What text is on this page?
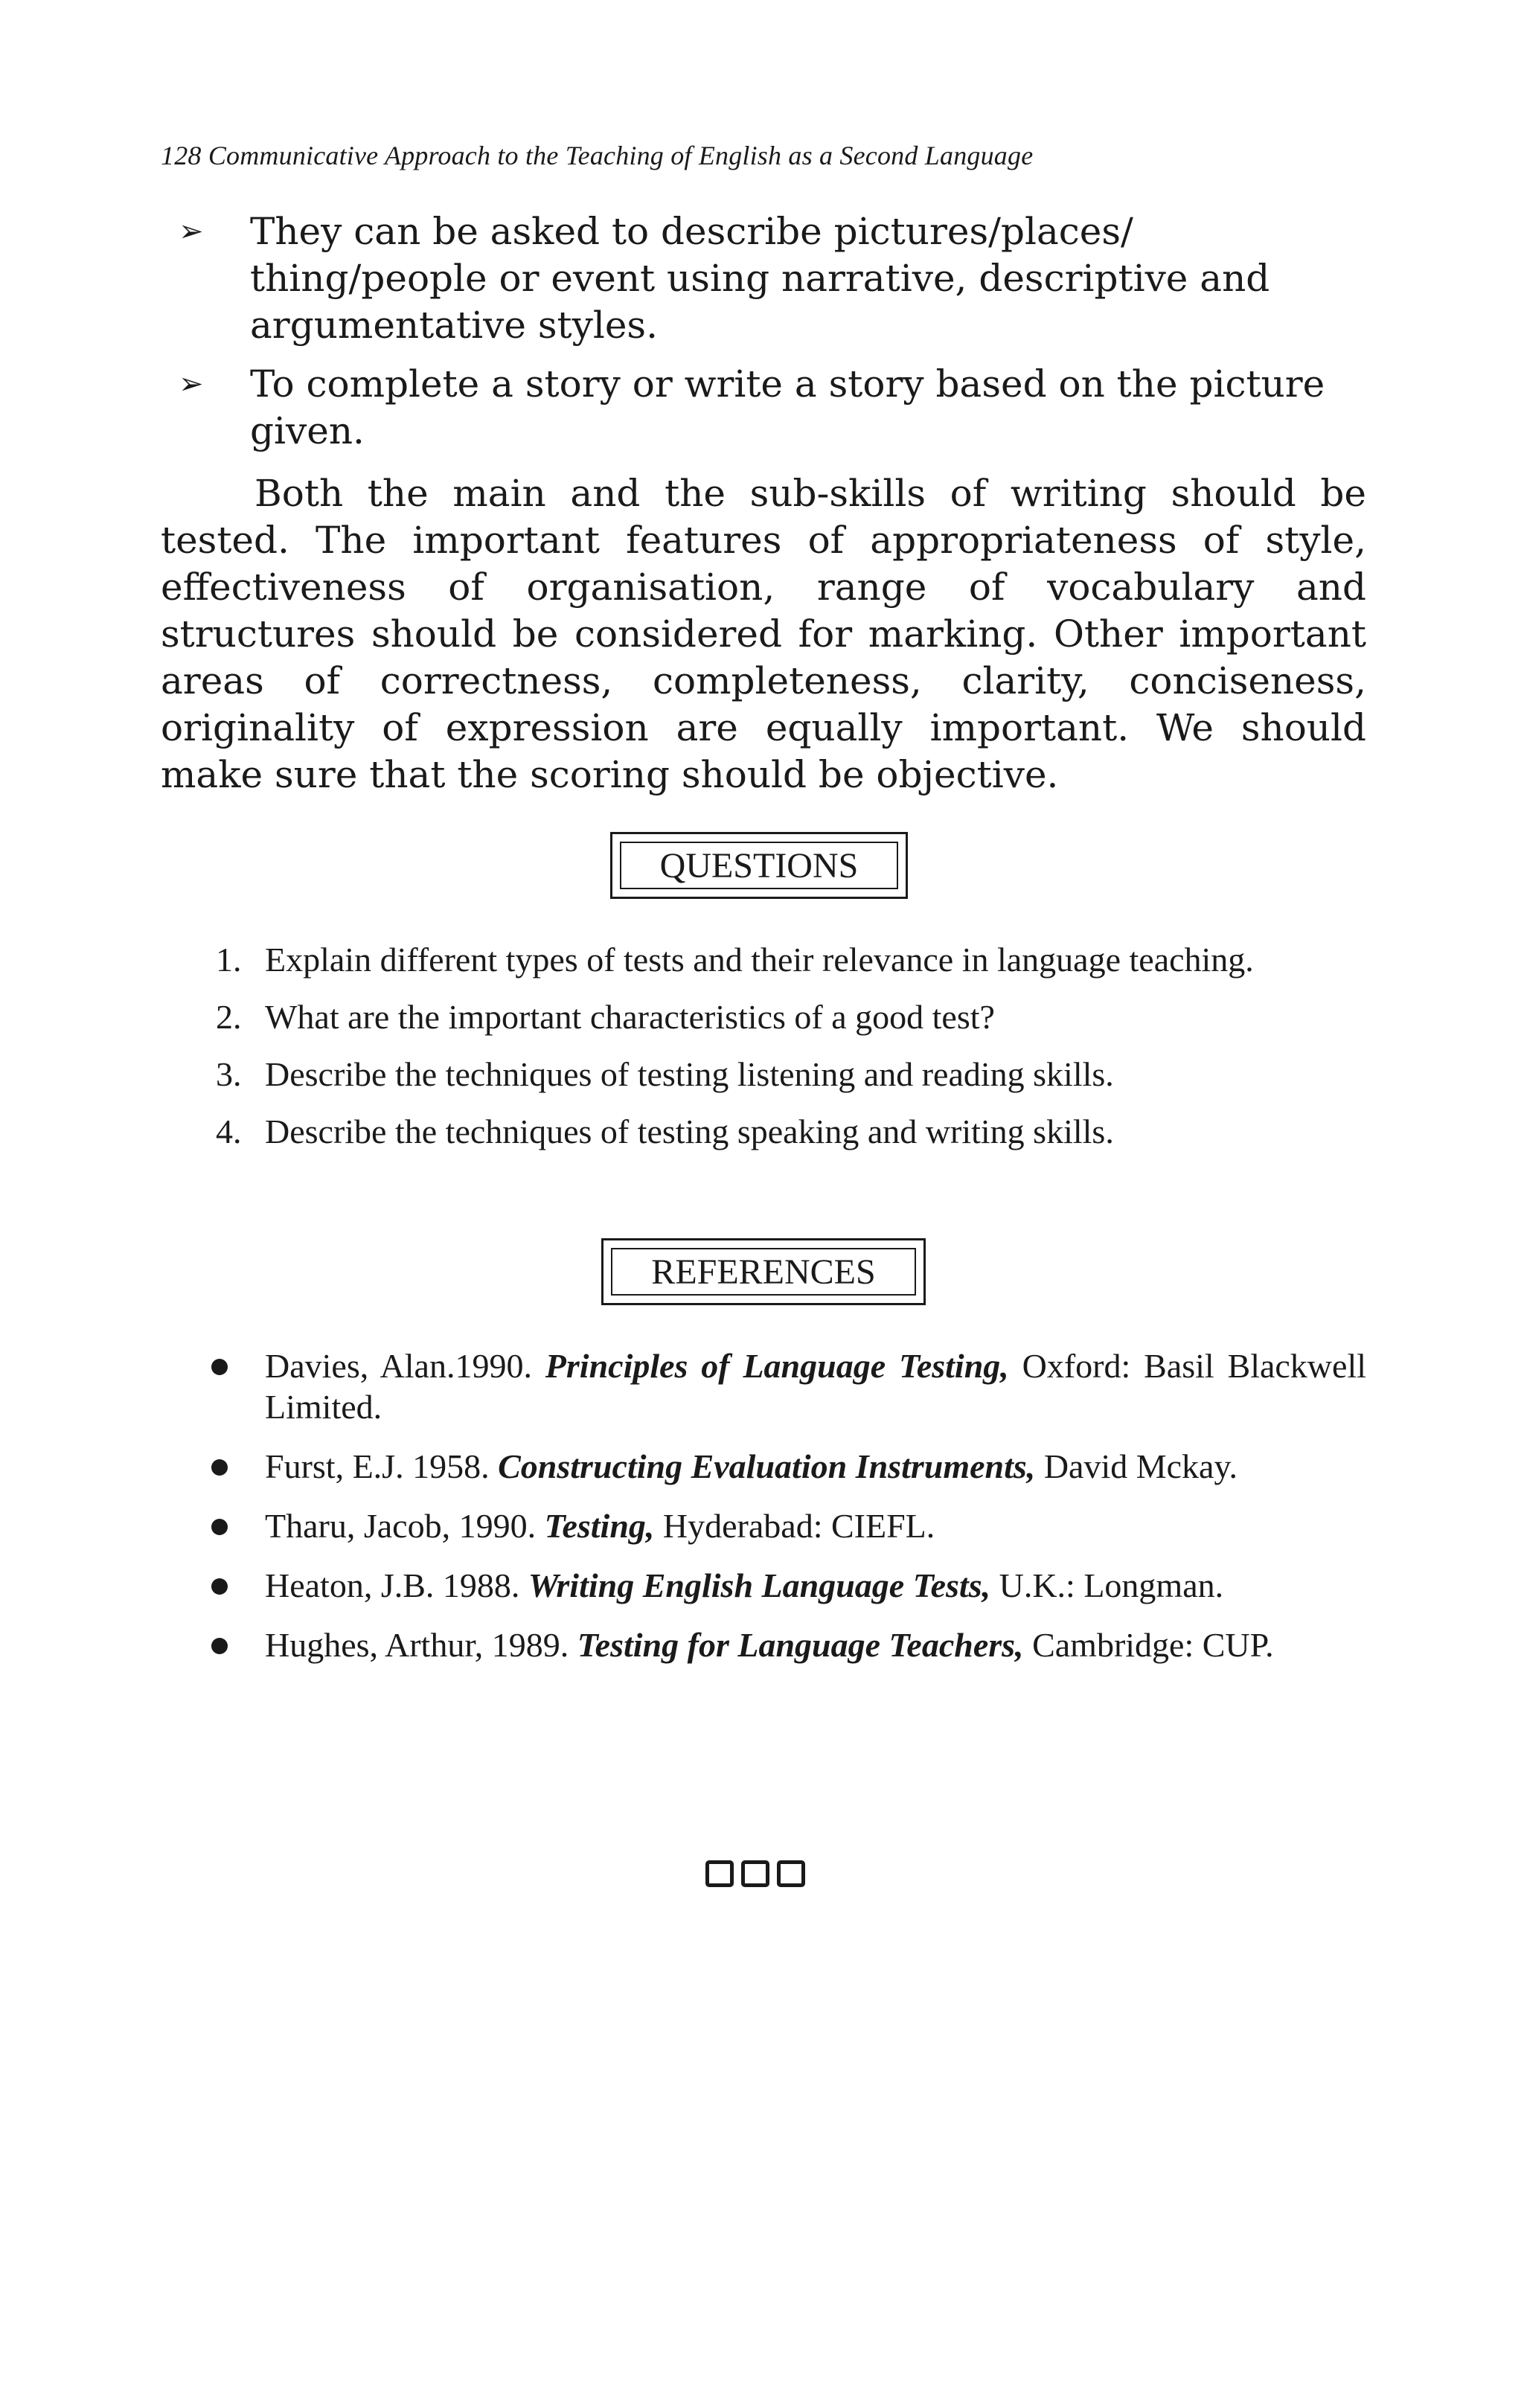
128 Communicative Approach to the Teaching of English as a Second Language
➢ They can be asked to describe pictures/places/ thing/people or event using narrative, descriptive and argumentative styles.
➢ To complete a story or write a story based on the picture given.

Both the main and the sub-skills of writing should be tested. The important features of appropriateness of style, effectiveness of organisation, range of vocabulary and structures should be considered for marking. Other important areas of correctness, completeness, clarity, conciseness, originality of expression are equally important. We should make sure that the scoring should be objective.

QUESTIONS
1. Explain different types of tests and their relevance in language teaching.
2. What are the important characteristics of a good test?
3. Describe the techniques of testing listening and reading skills.
4. Describe the techniques of testing speaking and writing skills.
REFERENCES
Davies, Alan.1990. Principles of Language Testing, Oxford: Basil Blackwell Limited.
Furst, E.J. 1958. Constructing Evaluation Instruments, David Mckay.
Tharu, Jacob, 1990. Testing, Hyderabad: CIEFL.
Heaton, J.B. 1988. Writing English Language Tests, U.K.: Longman.
Hughes, Arthur, 1989. Testing for Language Teachers, Cambridge: CUP.
